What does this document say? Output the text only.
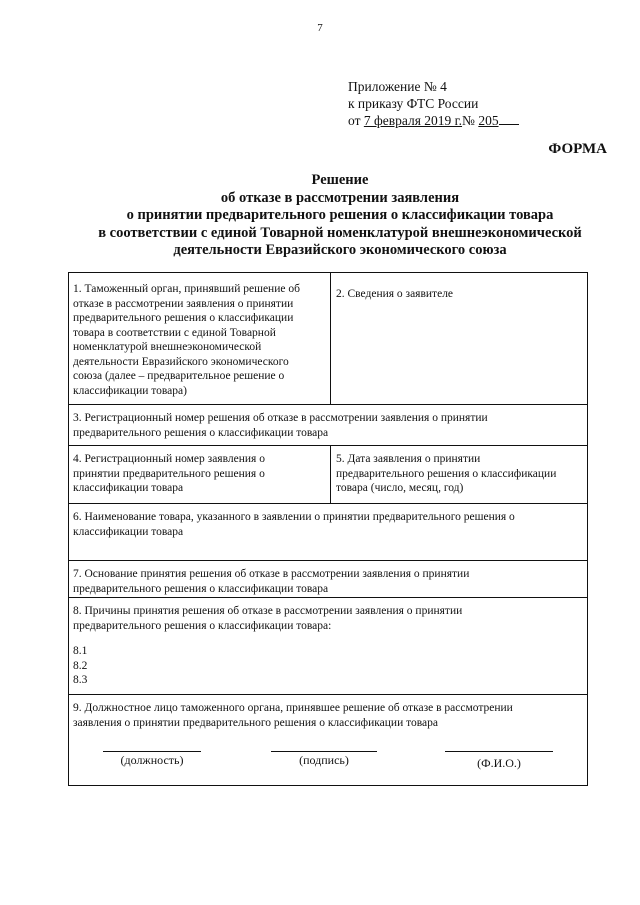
7
Приложение № 4
к приказу ФТС России
от 7 февраля 2019 г.№ 205
ФОРМА
Решение
об отказе в рассмотрении заявления
о принятии предварительного решения о классификации товара
в соответствии с единой Товарной номенклатурой внешнеэкономической
деятельности Евразийского экономического союза
1. Таможенный орган, принявший решение об
отказе в рассмотрении заявления о принятии
предварительного решения о классификации
товара в соответствии с единой Товарной
номенклатурой внешнеэкономической
деятельности Евразийского экономического
союза (далее – предварительное решение о
классификации товара)
2. Сведения о заявителе
3. Регистрационный номер решения об отказе в рассмотрении заявления о принятии
предварительного решения о классификации товара
4. Регистрационный номер заявления о
принятии предварительного решения о
классификации товара
5. Дата заявления о принятии
предварительного решения о классификации
товара (число, месяц, год)
6. Наименование товара, указанного в заявлении о принятии предварительного решения о
классификации товара
7. Основание принятия решения об отказе в рассмотрении заявления о принятии
предварительного решения о классификации товара
8. Причины принятия решения об отказе в рассмотрении заявления о принятии
предварительного решения о классификации товара:
8.1
8.2
8.3
9. Должностное лицо таможенного органа, принявшее решение об отказе в рассмотрении
заявления о принятии предварительного решения о классификации товара
(должность)	(подпись)	(Ф.И.О.)
